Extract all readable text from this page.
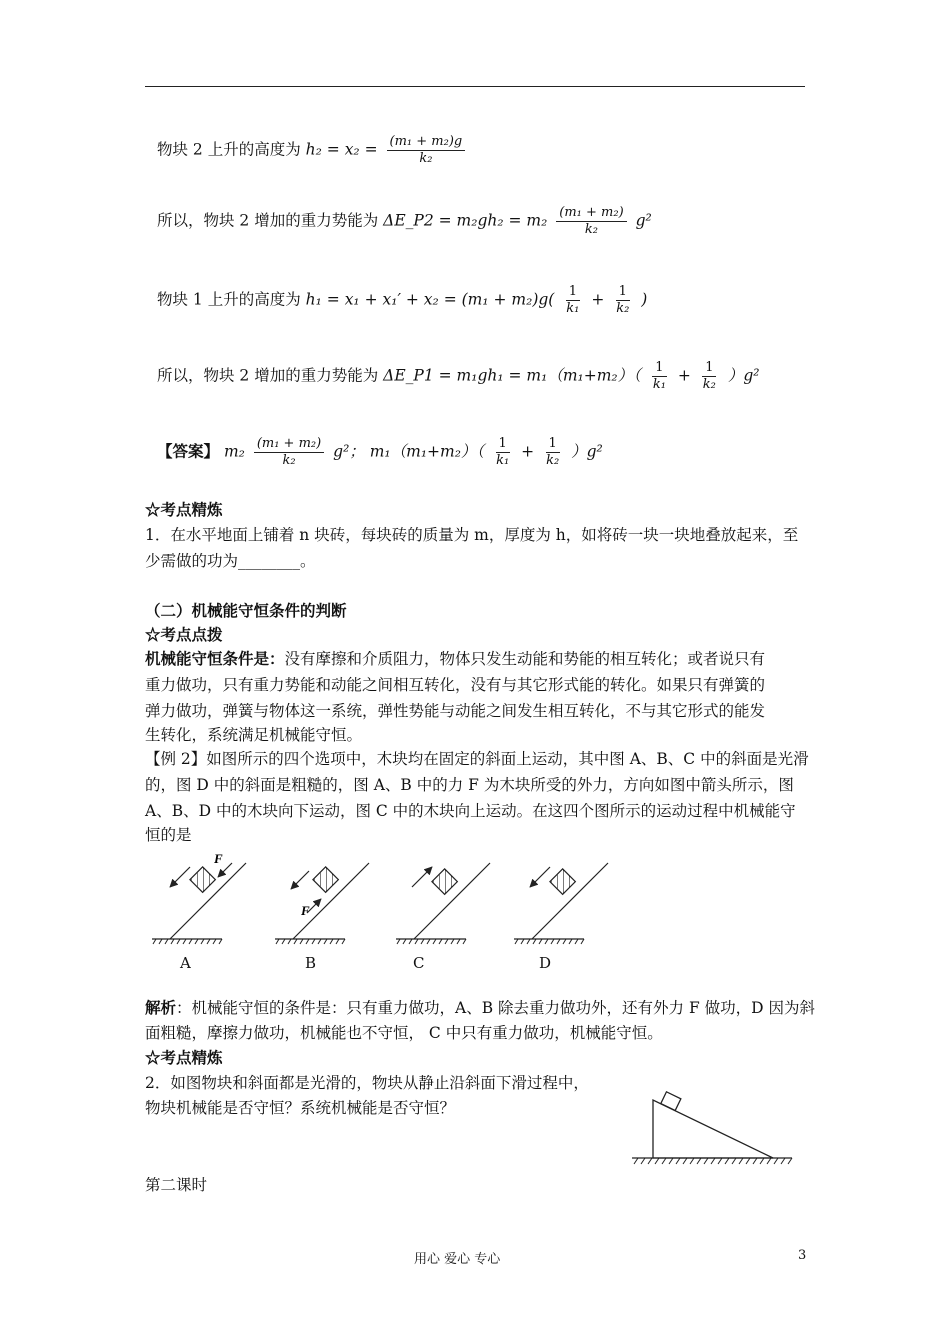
物块 2 上升的高度为 $h_2 = x_2 = \frac{\text{(m₁ + m₂)g}}{\text{k₂}}$
所以，物块 2 增加的重力势能为 ΔE_P2 = $m_2gh_2 = m_2 \frac{\text{(m₁ + m₂)}}{\text{k₂}} g^2$
物块 1 上升的高度为 $h_1 = x_1 + x_1' + x_2 = (m_1 + m_2)g( \frac{1}{\text{k₁}} + \frac{1}{\text{k₂}}$ )
所以，物块 2 增加的重力势能为 ΔE_P1 = $m_1gh_1 = m_1(m_1+m_2)( \frac{1}{\text{k₁}} + \frac{1}{\text{k₂}} )g^2$
【答案】 $m_2 \frac{\text{(m₁ + m₂)}}{\text{k₂}} g^2$； $m_1(m_1+m_2)( \frac{1}{\text{k₁}} + \frac{1}{\text{k₂}} )g^2$
☆考点精炼
1．在水平地面上铺着 n 块砖，每块砖的质量为 m，厚度为 h，如将砖一块一块地叠放起来，至
少需做的功为________。
（二）机械能守恒条件的判断
☆考点点拨
机械能守恒条件是：没有摩擦和介质阻力，物体只发生动能和势能的相互转化；或者说只有
重力做功，只有重力势能和动能之间相互转化，没有与其它形式能的转化。如果只有弹簧的
弹力做功，弹簧与物体这一系统，弹性势能与动能之间发生相互转化，不与其它形式的能发
生转化，系统满足机械能守恒。
【例 2】如图所示的四个选项中，木块均在固定的斜面上运动，其中图 A、B、C 中的斜面是光滑
的，图 D 中的斜面是粗糙的，图 A、B 中的力 F 为木块所受的外力，方向如图中箭头所示，图
A、B、D 中的木块向下运动，图 C 中的木块向上运动。在这四个图所示的运动过程中机械能守
恒的是
F
F
A	B	C	D
解析：机械能守恒的条件是：只有重力做功，A、B 除去重力做功外，还有外力 F 做功，D 因为斜
面粗糙，摩擦力做功，机械能也不守恒， C 中只有重力做功，机械能守恒。
☆考点精炼
2．如图物块和斜面都是光滑的，物块从静止沿斜面下滑过程中，
物块机械能是否守恒？系统机械能是否守恒？
第二课时
用心 爱心 专心	3
